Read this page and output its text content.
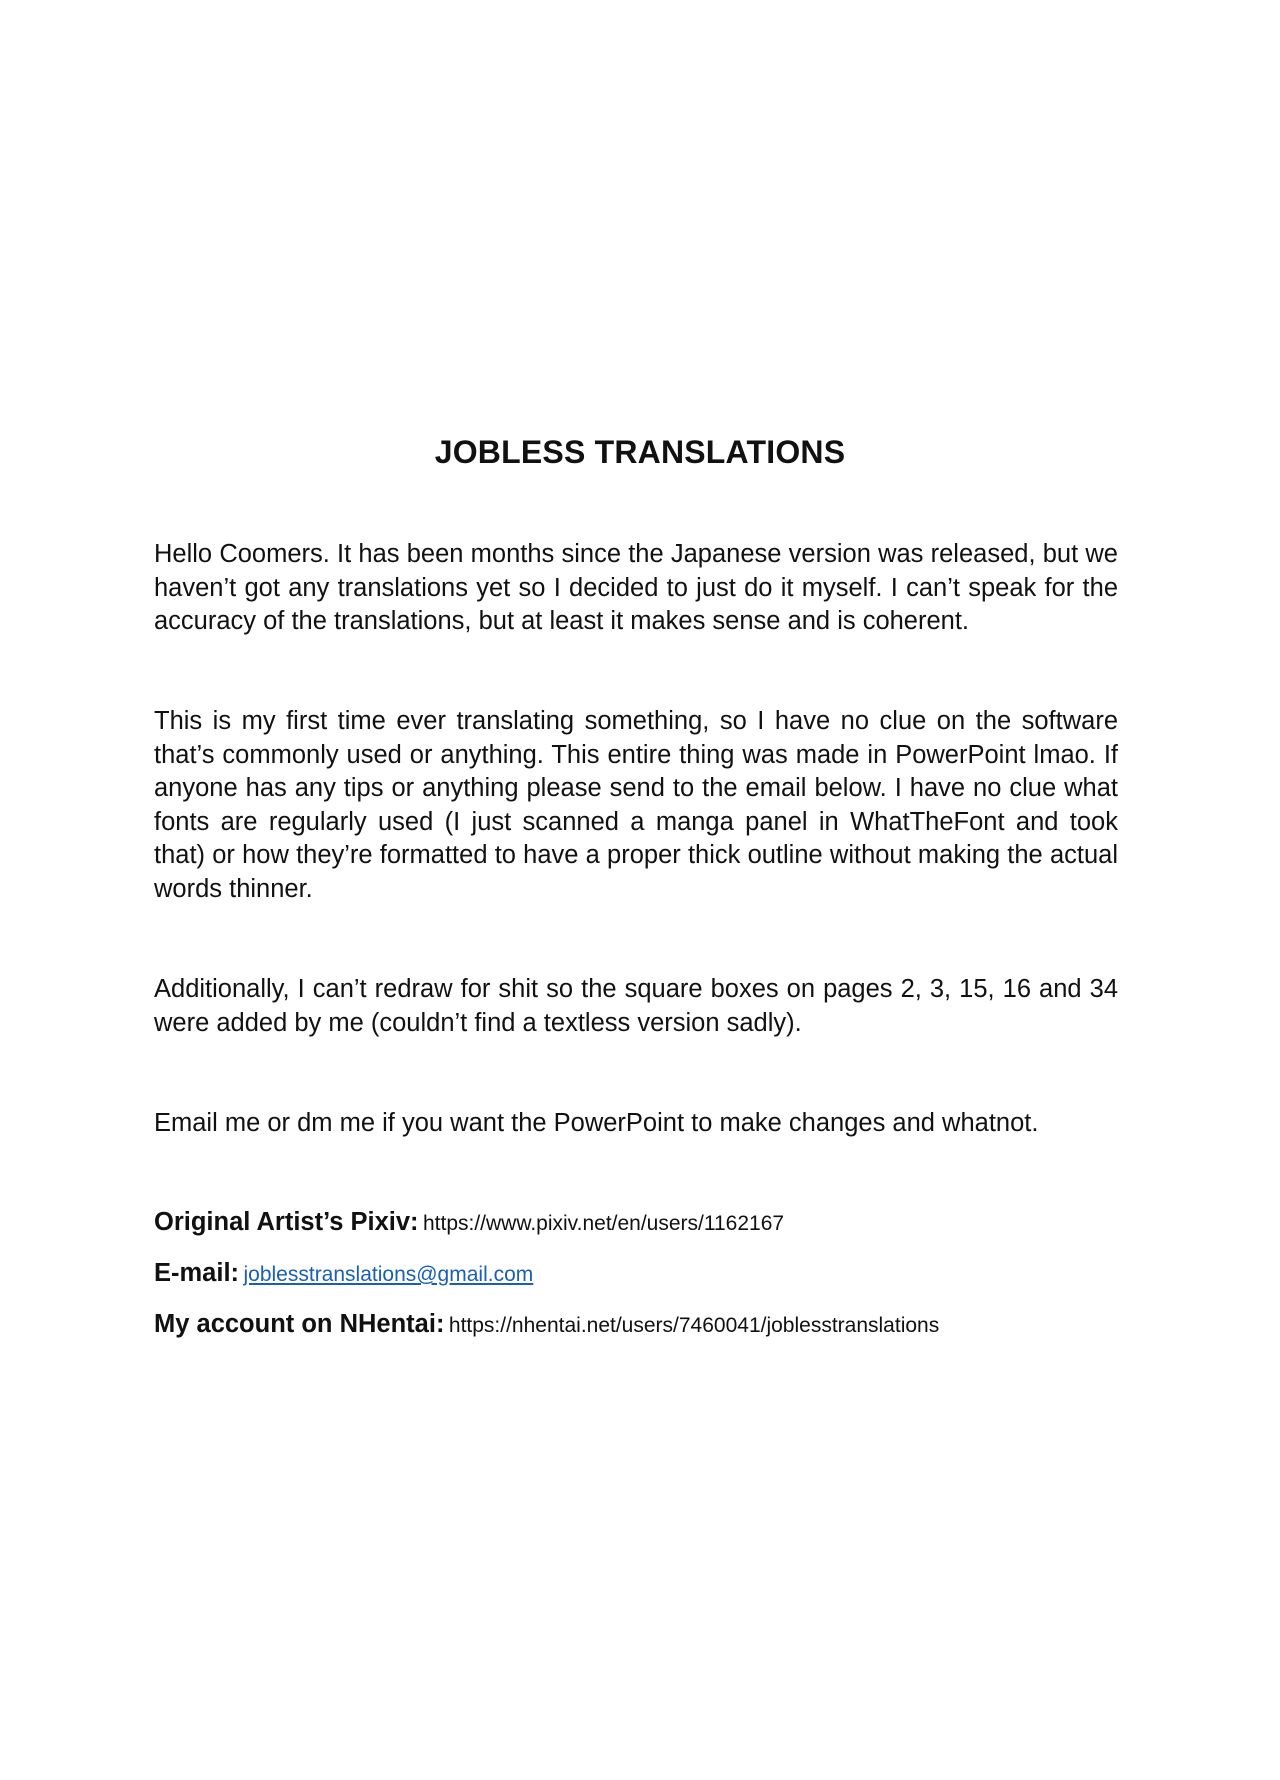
JOBLESS TRANSLATIONS

Hello Coomers. It has been months since the Japanese version was released, but we haven’t got any translations yet so I decided to just do it myself. I can’t speak for the accuracy of the translations, but at least it makes sense and is coherent.

This is my first time ever translating something, so I have no clue on the software that’s commonly used or anything. This entire thing was made in PowerPoint lmao. If anyone has any tips or anything please send to the email below. I have no clue what fonts are regularly used (I just scanned a manga panel in WhatTheFont and took that) or how they’re formatted to have a proper thick outline without making the actual words thinner.

Additionally, I can’t redraw for shit so the square boxes on pages 2, 3, 15, 16 and 34 were added by me (couldn’t find a textless version sadly).

Email me or dm me if you want the PowerPoint to make changes and whatnot.

Original Artist’s Pixiv: https://www.pixiv.net/en/users/1162167

E-mail: joblesstranslations@gmail.com

My account on NHentai: https://nhentai.net/users/7460041/joblesstranslations
